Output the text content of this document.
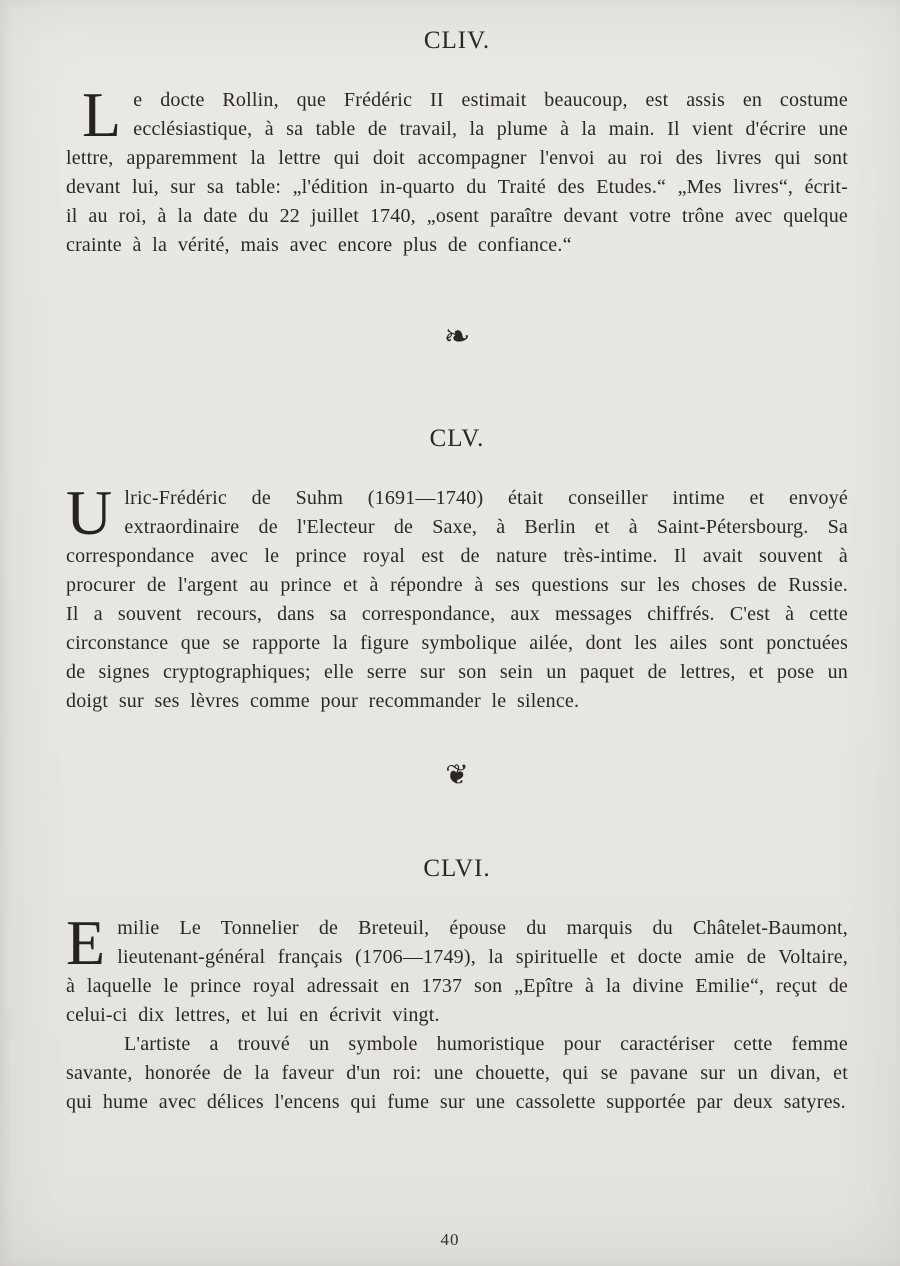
CLIV.

Le docte Rollin, que Frédéric II estimait beaucoup, est assis en costume ecclésiastique, à sa table de travail, la plume à la main. Il vient d'écrire une lettre, apparemment la lettre qui doit accompagner l'envoi au roi des livres qui sont devant lui, sur sa table: „l'édition in-quarto du Traité des Etudes.“ „Mes livres“, écrit-il au roi, à la date du 22 juillet 1740, „osent paraître devant votre trône avec quelque crainte à la vérité, mais avec encore plus de confiance.“

❧
CLV.

Ulric-Frédéric de Suhm (1691—1740) était conseiller intime et envoyé extraordinaire de l'Electeur de Saxe, à Berlin et à Saint-Pétersbourg. Sa correspondance avec le prince royal est de nature très-intime. Il avait souvent à procurer de l'argent au prince et à répondre à ses questions sur les choses de Russie. Il a souvent recours, dans sa correspondance, aux messages chiffrés. C'est à cette circonstance que se rapporte la figure symbolique ailée, dont les ailes sont ponctuées de signes cryptographiques; elle serre sur son sein un paquet de lettres, et pose un doigt sur ses lèvres comme pour recommander le silence.

❦
CLVI.

Emilie Le Tonnelier de Breteuil, épouse du marquis du Châtelet-Baumont, lieutenant-général français (1706—1749), la spirituelle et docte amie de Voltaire, à laquelle le prince royal adressait en 1737 son „Epître à la divine Emilie“, reçut de celui-ci dix lettres, et lui en écrivit vingt.

L'artiste a trouvé un symbole humoristique pour caractériser cette femme savante, honorée de la faveur d'un roi: une chouette, qui se pavane sur un divan, et qui hume avec délices l'encens qui fume sur une cassolette supportée par deux satyres.

40
